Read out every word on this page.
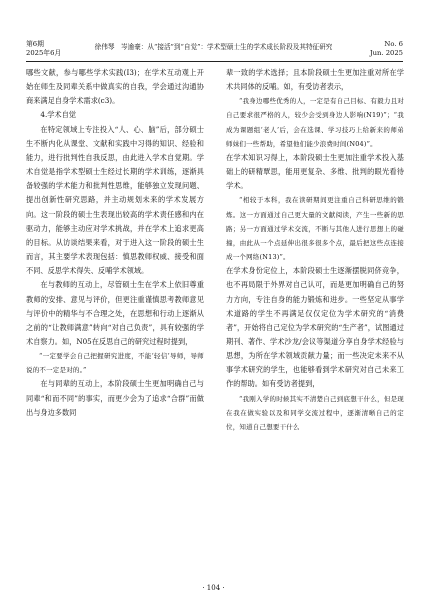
第6期
2025年6月
徐伟琴　岑逾豪：从“接活”到“自觉”：学术型硕士生的学术成长阶段及其特征研究	No. 6
Jun. 2025

哪些文献，参与哪些学术实践(I3)；在学术互动观上开始在师生及同辈关系中做真实的自我，学会通过沟通协商来满足自身学术需求(c3)。

4.学术自觉

在特定领域上专注投入“人、心、脑”后，部分硕士生不断内化从课堂、文献和实践中习得的知识、经验和能力，进行批判性自我反思，由此进入学术自觉期。学术自觉是指学术型硕士生经过长期的学术训练，逐渐具备较强的学术能力和批判性思维，能够独立发现问题、提出创新性研究思路，并主动规划未来的学术发展方向。这一阶段的硕士生表现出较高的学术责任感和内在驱动力，能够主动应对学术挑战，并在学术上追求更高的目标。从访谈结果来看，对于进入这一阶段的硕士生而言，其主要学术表现包括：慎思教师权威、接受和面不同、反思学术得失、反哺学术领域。

在与教师的互动上，尽管硕士生在学术上依旧尊重教师的安排、意见与评价，但更注重谨慎思考教师意见与评价中的精华与不合理之处，在思想和行动上逐渐从之前的“让教师满意”转向“对自己负责”，具有较强的学术自察力。如，N05在反思自己的研究过程时提到，

“一定要学会自己把握研究进度，不能‘轻信’导师，导师说的不一定是对的。”

在与同辈的互动上，本阶段硕士生更加明确自己与同辈“和而不同”的事实，而更少会为了追求“合群”而做出与身边多数同

辈一致的学术选择；且本阶段硕士生更加注重对所在学术共同体的反哺。如，有受访者表示，

“我身边哪些优秀的人，一定是有自己目标、有毅力且对自己要求很严格的人，较少会受到身边人影响(N19)”；“我成为课题组‘老人’后，会在选课、学习技巧上给新来的师弟师妹们一些帮助，希望他们能少浪费时间(N04)”。

在学术知识习得上，本阶段硕士生更加注重学术投入基础上的研精覃思，能用更复杂、多维、批判的眼光看待学术。

“相较于本科，我在读研期间更注重自己科研思维的锻炼。这一方面通过自己更大量的文献阅读，产生一些新的思路；另一方面通过学术交流，不断与其他人进行思想上的碰撞，由此从一个点延伸出很多很多个点，最后把这些点连接成一个网络(N13)”。

在学术身份定位上，本阶段硕士生逐渐摆脱同侪竞争，也不再局限于外界对自己认可，而是更加明确自己的努力方向，专注自身的能力锻炼和进步。一些坚定从事学术道路的学生不再满足仅仅定位为学术研究的“消费者”，开始将自己定位为学术研究的“生产者”，试图通过期刊、著作、学术沙龙/会议等渠道分享自身学术经验与思想，为所在学术领域贡献力量；而一些决定未来不从事学术研究的学生，也能够看到学术研究对自己未来工作的帮助。如有受访者提到，

“我刚入学的时候其实不清楚自己到底想干什么，但是现在我在做实验以及和同学交流过程中，逐渐清晰自己的定位，知道自己想要干什么

· 104 ·
